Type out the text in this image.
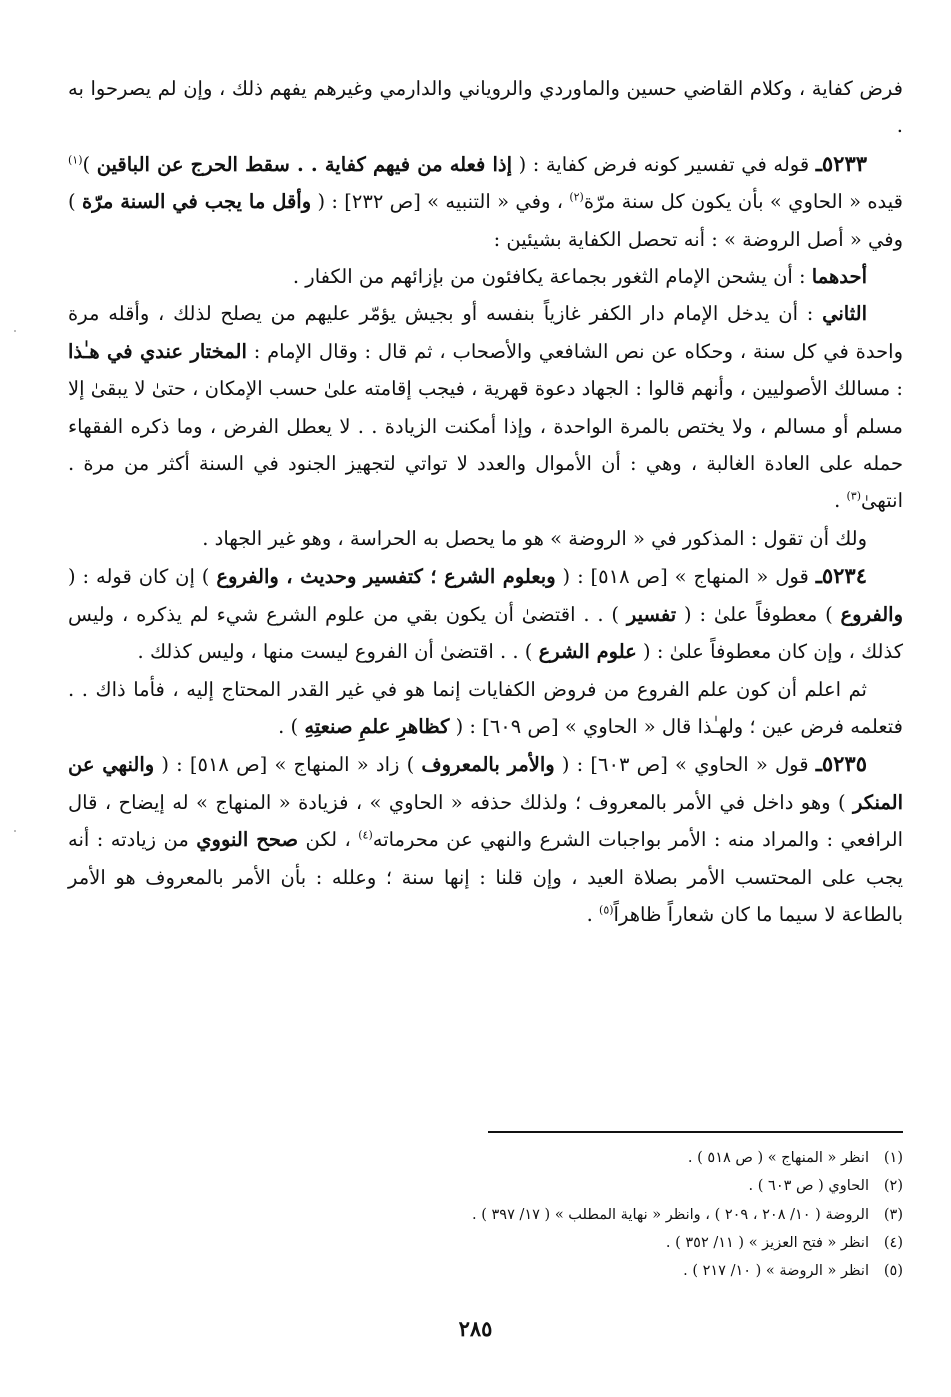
فرض كفاية ، وكلام القاضي حسين والماوردي والروياني والدارمي وغيرهم يفهم ذلك ، وإن لم يصرحوا به .

٥٢٣٣ـ قوله في تفسير كونه فرض كفاية : ( إذا فعله من فيهم كفاية . . سقط الحرج عن الباقين )$^{(١)}$ قيده « الحاوي » بأن يكون كل سنة مرّة$^{(٢)}$ ، وفي « التنبيه » [ص ٢٣٢] : ( وأقل ما يجب في السنة مرّة ) وفي « أصل الروضة » : أنه تحصل الكفاية بشيئين :

أحدهما : أن يشحن الإمام الثغور بجماعة يكافئون من بإزائهم من الكفار .

الثاني : أن يدخل الإمام دار الكفر غازياً بنفسه أو بجيش يؤمّر عليهم من يصلح لذلك ، وأقله مرة واحدة في كل سنة ، وحكاه عن نص الشافعي والأصحاب ، ثم قال : وقال الإمام : المختار عندي في هـٰذا : مسالك الأصوليين ، وأنهم قالوا : الجهاد دعوة قهرية ، فيجب إقامته علىٰ حسب الإمكان ، حتىٰ لا يبقىٰ إلا مسلم أو مسالم ، ولا يختص بالمرة الواحدة ، وإذا أمكنت الزيادة . . لا يعطل الفرض ، وما ذكره الفقهاء حمله على العادة الغالبة ، وهي : أن الأموال والعدد لا تواتي لتجهيز الجنود في السنة أكثر من مرة . انتهىٰ$^{(٣)}$ .

ولك أن تقول : المذكور في « الروضة » هو ما يحصل به الحراسة ، وهو غير الجهاد .

٥٢٣٤ـ قول « المنهاج » [ص ٥١٨] : ( وبعلوم الشرع ؛ كتفسير وحديث ، والفروع ) إن كان قوله : ( والفروع ) معطوفاً علىٰ : ( تفسير ) . . اقتضىٰ أن يكون بقي من علوم الشرع شيء لم يذكره ، وليس كذلك ، وإن كان معطوفاً علىٰ : ( علوم الشرع ) . . اقتضىٰ أن الفروع ليست منها ، وليس كذلك .

ثم اعلم أن كون علم الفروع من فروض الكفايات إنما هو في غير القدر المحتاج إليه ، فأما ذاك . . فتعلمه فرض عين ؛ ولهـٰذا قال « الحاوي » [ص ٦٠٩] : ( كظاهرِ علمِ صنعتِهِ ) .

٥٢٣٥ـ قول « الحاوي » [ص ٦٠٣] : ( والأمر بالمعروف ) زاد « المنهاج » [ص ٥١٨] : ( والنهي عن المنكر ) وهو داخل في الأمر بالمعروف ؛ ولذلك حذفه « الحاوي » ، فزيادة « المنهاج » له إيضاح ، قال الرافعي : والمراد منه : الأمر بواجبات الشرع والنهي عن محرماته$^{(٤)}$ ، لكن صحح النووي من زيادته : أنه يجب على المحتسب الأمر بصلاة العيد ، وإن قلنا : إنها سنة ؛ وعلله : بأن الأمر بالمعروف هو الأمر بالطاعة لا سيما ما كان شعاراً ظاهراً$^{(٥)}$ .

(١)
انظر « المنهاج » ( ص ٥١٨ ) .
(٢)
الحاوي ( ص ٦٠٣ ) .
(٣)
الروضة ( ١٠/ ٢٠٨ ، ٢٠٩ ) ، وانظر « نهاية المطلب » ( ١٧/ ٣٩٧ ) .
(٤)
انظر « فتح العزيز » ( ١١/ ٣٥٢ ) .
(٥)
انظر « الروضة » ( ١٠/ ٢١٧ ) .
٢٨٥
